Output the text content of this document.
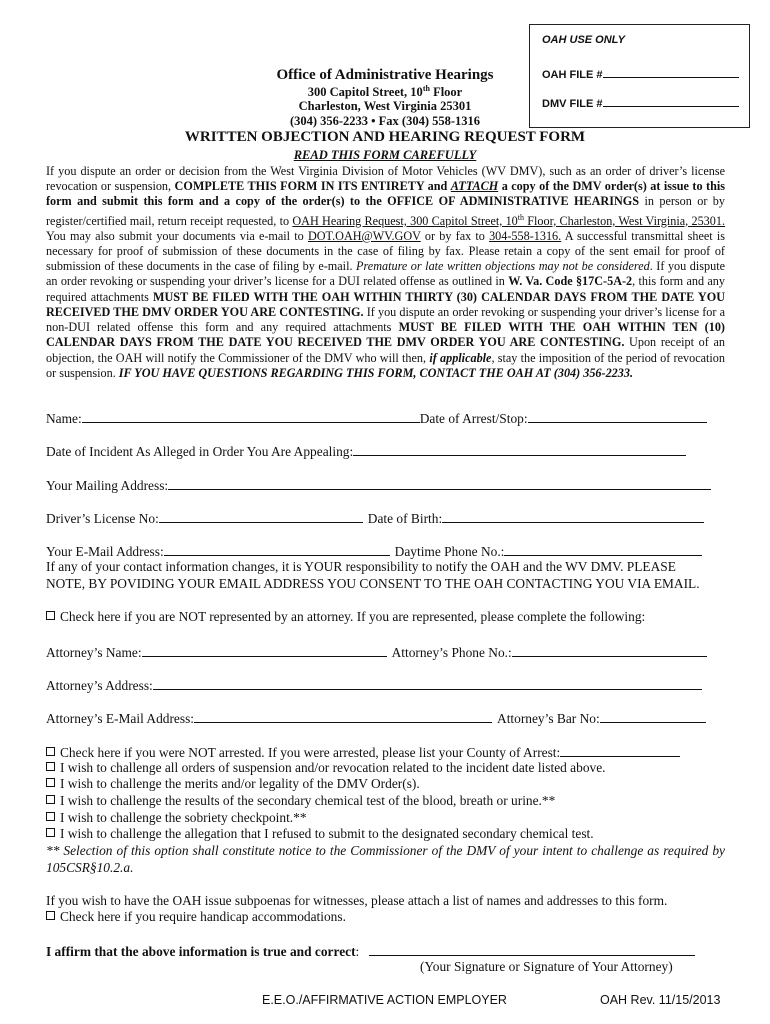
OAH USE ONLY
OAH FILE #
DMV FILE #
Office of Administrative Hearings
300 Capitol Street, 10th Floor
Charleston, West Virginia 25301
(304) 356-2233 • Fax (304) 558-1316
WRITTEN OBJECTION AND HEARING REQUEST FORM
READ THIS FORM CAREFULLY
If you dispute an order or decision from the West Virginia Division of Motor Vehicles (WV DMV), such as an order of driver’s license revocation or suspension, COMPLETE THIS FORM IN ITS ENTIRETY and ATTACH a copy of the DMV order(s) at issue to this form and submit this form and a copy of the order(s) to the OFFICE OF ADMINISTRATIVE HEARINGS in person or by register/certified mail, return receipt requested, to OAH Hearing Request, 300 Capitol Street, 10th Floor, Charleston, West Virginia, 25301. You may also submit your documents via e-mail to DOT.OAH@WV.GOV or by fax to 304-558-1316. A successful transmittal sheet is necessary for proof of submission of these documents in the case of filing by fax. Please retain a copy of the sent email for proof of submission of these documents in the case of filing by e-mail. Premature or late written objections may not be considered. If you dispute an order revoking or suspending your driver’s license for a DUI related offense as outlined in W. Va. Code §17C-5A-2, this form and any required attachments MUST BE FILED WITH THE OAH WITHIN THIRTY (30) CALENDAR DAYS FROM THE DATE YOU RECEIVED THE DMV ORDER YOU ARE CONTESTING. If you dispute an order revoking or suspending your driver’s license for a non-DUI related offense this form and any required attachments MUST BE FILED WITH THE OAH WITHIN TEN (10) CALENDAR DAYS FROM THE DATE YOU RECEIVED THE DMV ORDER YOU ARE CONTESTING. Upon receipt of an objection, the OAH will notify the Commissioner of the DMV who will then, if applicable, stay the imposition of the period of revocation or suspension. IF YOU HAVE QUESTIONS REGARDING THIS FORM, CONTACT THE OAH AT (304) 356-2233.
Name:	Date of Arrest/Stop:
Date of Incident As Alleged in Order You Are Appealing:
Your Mailing Address:
Driver’s License No:	Date of Birth:
Your E-Mail Address:	Daytime Phone No.:
If any of your contact information changes, it is YOUR responsibility to notify the OAH and the WV DMV. PLEASE
NOTE, BY POVIDING YOUR EMAIL ADDRESS YOU CONSENT TO THE OAH CONTACTING YOU VIA EMAIL.
Check here if you are NOT represented by an attorney. If you are represented, please complete the following:
Attorney’s Name:	Attorney’s Phone No.:
Attorney’s Address:
Attorney’s E-Mail Address:	Attorney’s Bar No:
Check here if you were NOT arrested. If you were arrested, please list your County of Arrest:
I wish to challenge all orders of suspension and/or revocation related to the incident date listed above.
I wish to challenge the merits and/or legality of the DMV Order(s).
I wish to challenge the results of the secondary chemical test of the blood, breath or urine.**
I wish to challenge the sobriety checkpoint.**
I wish to challenge the allegation that I refused to submit to the designated secondary chemical test.
** Selection of this option shall constitute notice to the Commissioner of the DMV of your intent to challenge as required by 105CSR§10.2.a.
If you wish to have the OAH issue subpoenas for witnesses, please attach a list of names and addresses to this form.
Check here if you require handicap accommodations.
I affirm that the above information is true and correct:
(Your Signature or Signature of Your Attorney)
E.E.O./AFFIRMATIVE ACTION EMPLOYER	OAH Rev. 11/15/2013
